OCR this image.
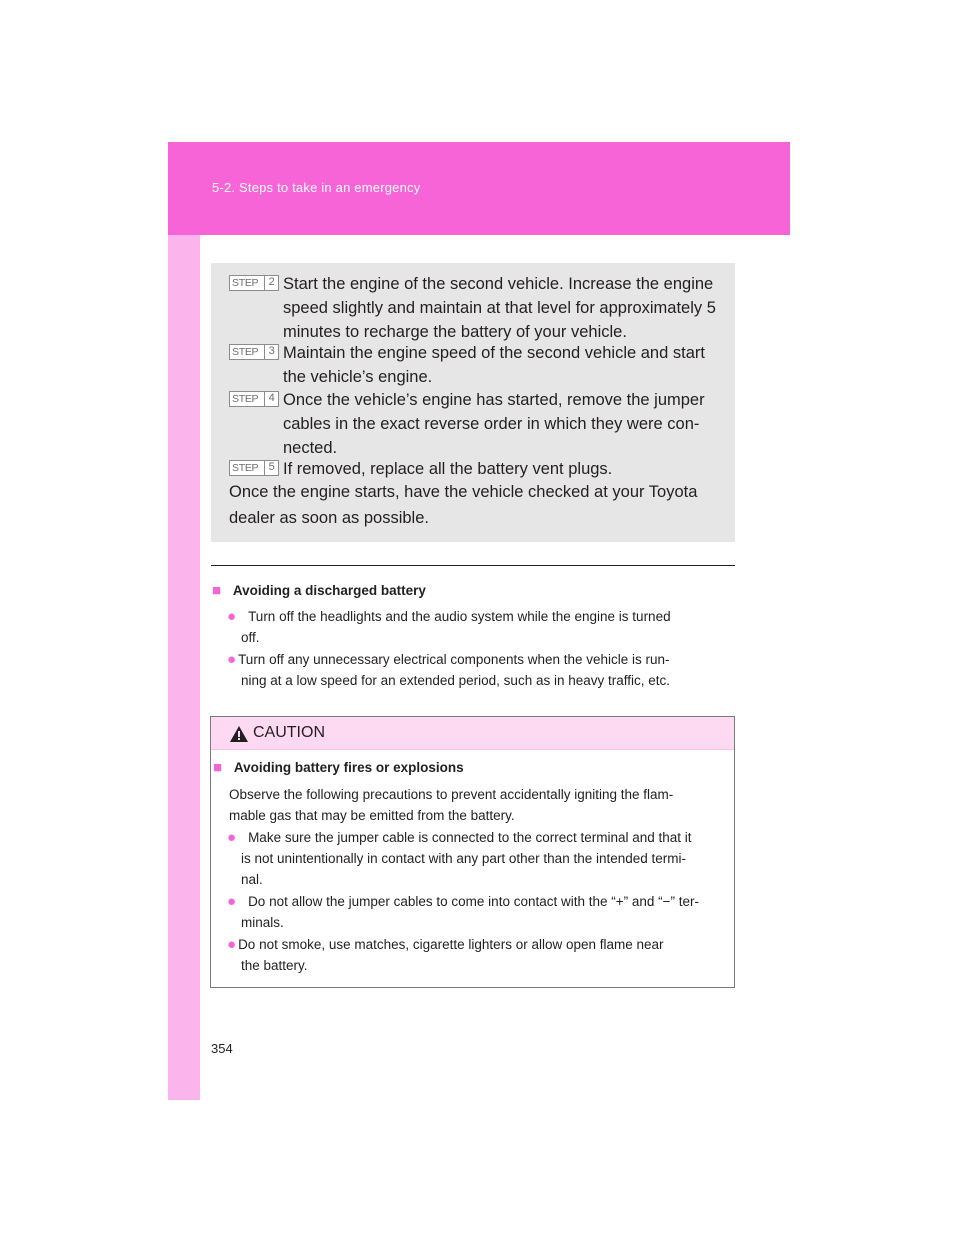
5‑2. Steps to take in an emergency
STEP 2 Start the engine of the second vehicle. Increase the engine
speed slightly and maintain at that level for approximately 5
minutes to recharge the battery of your vehicle.
STEP 3 Maintain the engine speed of the second vehicle and start
the vehicle’s engine.
STEP 4 Once the vehicle’s engine has started, remove the jumper
cables in the exact reverse order in which they were con‑
nected.
STEP 5 If removed, replace all the battery vent plugs.
Once the engine starts, have the vehicle checked at your Toyota
dealer as soon as possible.
■ Avoiding a discharged battery
● Turn off the headlights and the audio system while the engine is turned
off.
● Turn off any unnecessary electrical components when the vehicle is run‑
ning at a low speed for an extended period, such as in heavy traffic, etc.
CAUTION
■ Avoiding battery fires or explosions
Observe the following precautions to prevent accidentally igniting the flam‑
mable gas that may be emitted from the battery.
● Make sure the jumper cable is connected to the correct terminal and that it
is not unintentionally in contact with any part other than the intended termi‑
nal.
● Do not allow the jumper cables to come into contact with the “+” and “−” ter‑
minals.
● Do not smoke, use matches, cigarette lighters or allow open flame near
the battery.
354
